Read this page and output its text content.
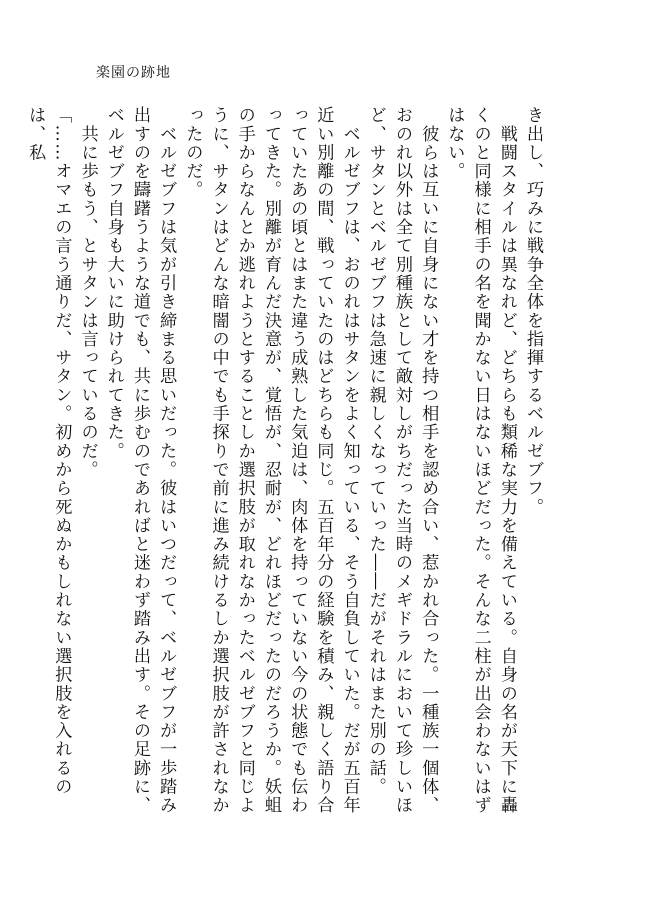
楽園の跡地

き出し、巧みに戦争全体を指揮するベルゼブフ。

　戦闘スタイルは異なれど、どちらも類稀な実力を備えている。自身の名が天下に轟くのと同様に相手の名を聞かない日はないほどだった。そんな二柱が出会わないはずはない。

　彼らは互いに自身にない才を持つ相手を認め合い、惹かれ合った。一種族一個体、おのれ以外は全て別種族として敵対しがちだった当時のメギドラルにおいて珍しいほど、サタンとベルゼブフは急速に親しくなっていった――だがそれはまた別の話。

　ベルゼブフは、おのれはサタンをよく知っている、そう自負していた。だが五百年近い別離の間、戦っていたのはどちらも同じ。五百年分の経験を積み、親しく語り合っていたあの頃とはまた違う成熟した気迫は、肉体を持っていない今の状態でも伝わってきた。別離が育んだ決意が、覚悟が、忍耐が、どれほどだったのだろうか。妖蛆の手からなんとか逃れようとすることしか選択肢が取れなかったベルゼブフと同じように、サタンはどんな暗闇の中でも手探りで前に進み続けるしか選択肢が許されなかったのだ。

　ベルゼブフは気が引き締まる思いだった。彼はいつだって、ベルゼブフが一歩踏み出すのを躊躇うような道でも、共に歩むのであればと迷わず踏み出す。その足跡に、ベルゼブフ自身も大いに助けられてきた。

　共に歩もう、とサタンは言っているのだ。

「……オマエの言う通りだ、サタン。初めから死ぬかもしれない選択肢を入れるのは、私
